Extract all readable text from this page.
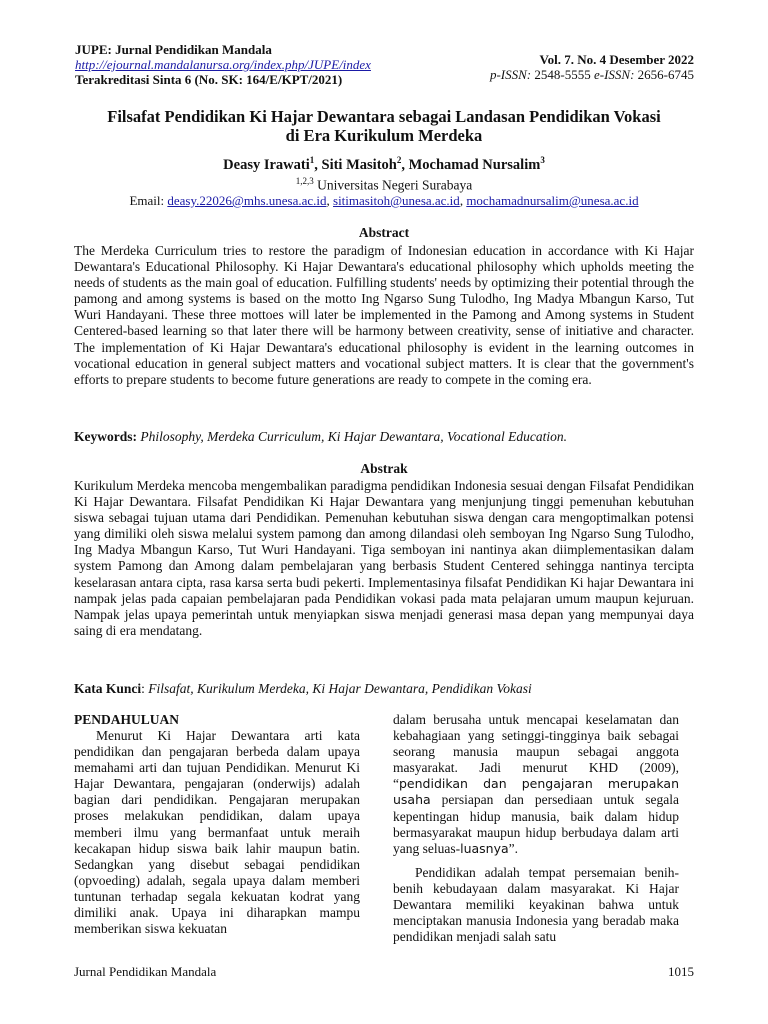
JUPE: Jurnal Pendidikan Mandala
http://ejournal.mandalanursa.org/index.php/JUPE/index
Terakreditasi Sinta 6 (No. SK: 164/E/KPT/2021)
Vol. 7. No. 4 Desember 2022
p-ISSN: 2548-5555 e-ISSN: 2656-6745
Filsafat Pendidikan Ki Hajar Dewantara sebagai Landasan Pendidikan Vokasi
di Era Kurikulum Merdeka
Deasy Irawati$^1$, Siti Masitoh$^2$, Mochamad Nursalim$^3$
$^{1,2,3}$ Universitas Negeri Surabaya
Email: deasy.22026@mhs.unesa.ac.id, sitimasitoh@unesa.ac.id, mochamadnursalim@unesa.ac.id
Abstract
The Merdeka Curriculum tries to restore the paradigm of Indonesian education in accordance with Ki Hajar Dewantara's Educational Philosophy. Ki Hajar Dewantara's educational philosophy which upholds meeting the needs of students as the main goal of education. Fulfilling students' needs by optimizing their potential through the pamong and among systems is based on the motto Ing Ngarso Sung Tulodho, Ing Madya Mbangun Karso, Tut Wuri Handayani. These three mottoes will later be implemented in the Pamong and Among systems in Student Centered-based learning so that later there will be harmony between creativity, sense of initiative and character. The implementation of Ki Hajar Dewantara's educational philosophy is evident in the learning outcomes in vocational education in general subject matters and vocational subject matters. It is clear that the government's efforts to prepare students to become future generations are ready to compete in the coming era.
Keywords: Philosophy, Merdeka Curriculum, Ki Hajar Dewantara, Vocational Education.
Abstrak
Kurikulum Merdeka mencoba mengembalikan paradigma pendidikan Indonesia sesuai dengan Filsafat Pendidikan Ki Hajar Dewantara. Filsafat Pendidikan Ki Hajar Dewantara yang menjunjung tinggi pemenuhan kebutuhan siswa sebagai tujuan utama dari Pendidikan. Pemenuhan kebutuhan siswa dengan cara mengoptimalkan potensi yang dimiliki oleh siswa melalui system pamong dan among dilandasi oleh semboyan Ing Ngarso Sung Tulodho, Ing Madya Mbangun Karso, Tut Wuri Handayani. Tiga semboyan ini nantinya akan diimplementasikan dalam system Pamong dan Among dalam pembelajaran yang berbasis Student Centered sehingga nantinya tercipta keselarasan antara cipta, rasa karsa serta budi pekerti. Implementasinya filsafat Pendidikan Ki hajar Dewantara ini nampak jelas pada capaian pembelajaran pada Pendidikan vokasi pada mata pelajaran umum maupun kejuruan. Nampak jelas upaya pemerintah untuk menyiapkan siswa menjadi generasi masa depan yang mempunyai daya saing di era mendatang.
Kata Kunci: Filsafat, Kurikulum Merdeka, Ki Hajar Dewantara, Pendidikan Vokasi
PENDAHULUAN

Menurut Ki Hajar Dewantara arti kata pendidikan dan pengajaran berbeda dalam upaya memahami arti dan tujuan Pendidikan. Menurut Ki Hajar Dewantara, pengajaran (onderwijs) adalah bagian dari pendidikan. Pengajaran merupakan proses melakukan pendidikan, dalam upaya memberi ilmu yang bermanfaat untuk meraih kecakapan hidup siswa baik lahir maupun batin. Sedangkan yang disebut sebagai pendidikan (opvoeding) adalah, segala upaya dalam memberi tuntunan terhadap segala kekuatan kodrat yang dimiliki anak. Upaya ini diharapkan mampu memberikan siswa kekuatan

dalam berusaha untuk mencapai keselamatan dan kebahagiaan yang setinggi-tingginya baik sebagai seorang manusia maupun sebagai anggota masyarakat. Jadi menurut KHD (2009), “pendidikan dan pengajaran merupakan usaha persiapan dan persediaan untuk segala kepentingan hidup manusia, baik dalam hidup bermasyarakat maupun hidup berbudaya dalam arti yang seluas-luasnya”.

Pendidikan adalah tempat persemaian benih-benih kebudayaan dalam masyarakat. Ki Hajar Dewantara memiliki keyakinan bahwa untuk menciptakan manusia Indonesia yang beradab maka pendidikan menjadi salah satu

Jurnal Pendidikan Mandala	1015
